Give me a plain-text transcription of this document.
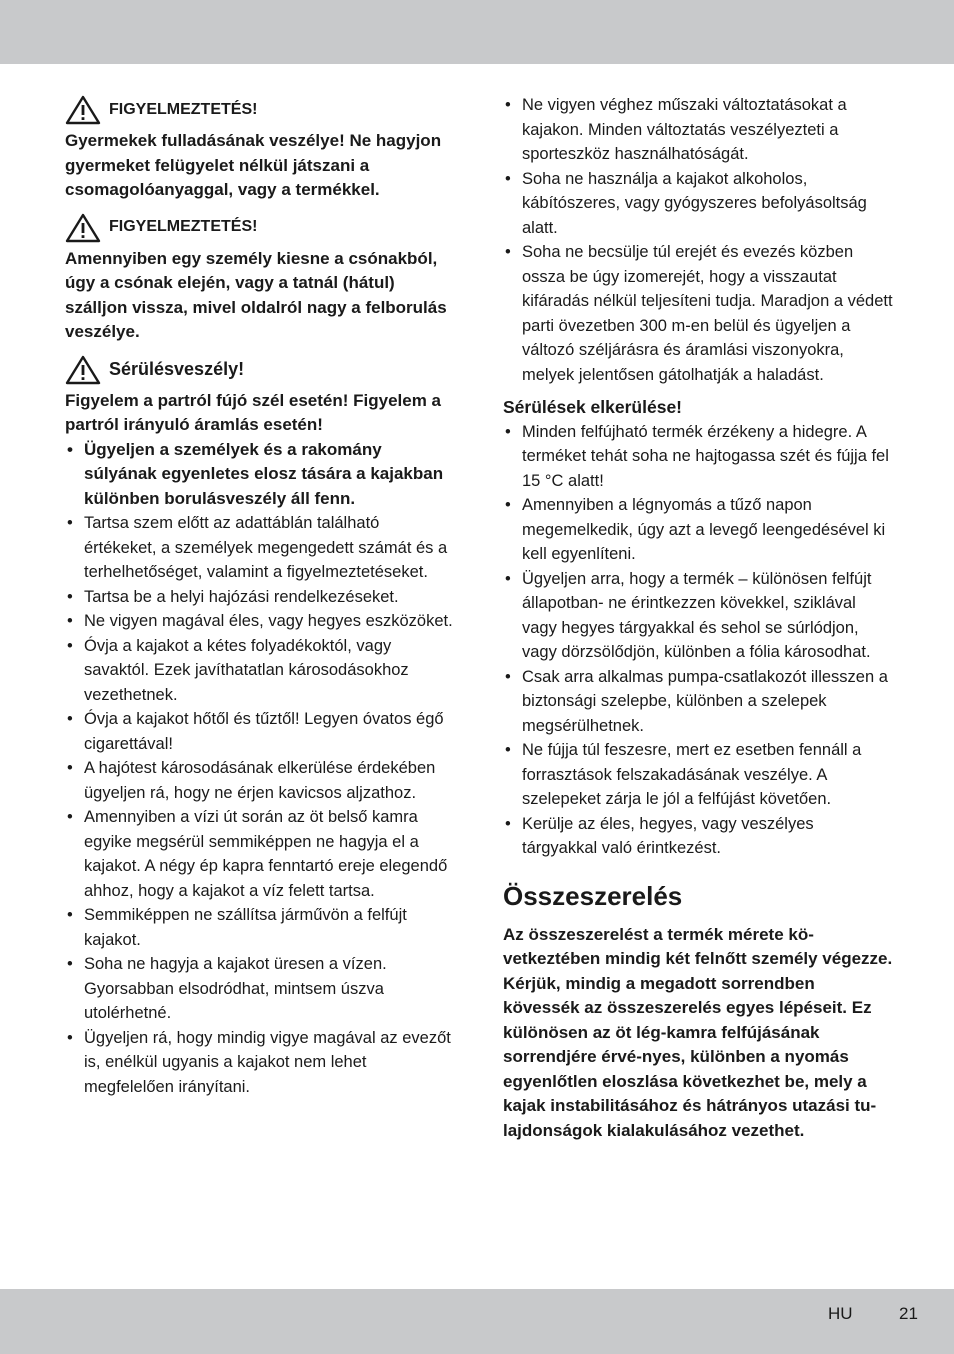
FIGYELMEZTETÉS!

Gyermekek fulladásának veszélye! Ne hagyjon gyermeket felügyelet nélkül játszani a csomagolóanyaggal, vagy a termékkel.

FIGYELMEZTETÉS!

Amennyiben egy személy kiesne a csónakból, úgy a csónak elején, vagy a tatnál (hátul) szálljon vissza, mivel oldalról nagy a felborulás veszélye.

Sérülésveszély!

Figyelem a partról fújó szél esetén! Figyelem a partról irányuló áramlás esetén!

• Ügyeljen a személyek és a rakomány súlyának egyenletes elosz tására a kajakban különben borulásveszély áll fenn.
• Tartsa szem előtt az adattáblán található értékeket, a személyek megengedett számát és a terhelhetőséget, valamint a figyelmeztetéseket.
• Tartsa be a helyi hajózási rendelkezéseket.
• Ne vigyen magával éles, vagy hegyes eszközöket.
• Óvja a kajakot a kétes folyadékoktól, vagy savaktól. Ezek javíthatatlan károsodásokhoz vezethetnek.
• Óvja a kajakot hőtől és tűztől! Legyen óvatos égő cigarettával!
• A hajótest károsodásának elkerülése érdekében ügyeljen rá, hogy ne érjen kavicsos aljzathoz.
• Amennyiben a vízi út során az öt belső kamra egyike megsérül semmiképpen ne hagyja el a kajakot. A négy ép kapra fenntartó ereje elegendő ahhoz, hogy a kajakot a víz felett tartsa.
• Semmiképpen ne szállítsa járművön a felfújt kajakot.
• Soha ne hagyja a kajakot üresen a vízen. Gyorsabban elsodródhat, mintsem úszva utolérhetné.
• Ügyeljen rá, hogy mindig vigye magával az evezőt is, enélkül ugyanis a kajakot nem lehet megfelelően irányítani.
• Ne vigyen véghez műszaki változtatásokat a kajakon. Minden változtatás veszélyezteti a sporteszköz használhatóságát.
• Soha ne használja a kajakot alkoholos, kábítószeres, vagy gyógyszeres befolyásoltság alatt.
• Soha ne becsülje túl erejét és evezés közben ossza be úgy izomerejét, hogy a visszautat kifáradás nélkül teljesíteni tudja. Maradjon a védett parti övezetben 300 m-en belül és ügyeljen a változó széljárásra és áramlási viszonyokra, melyek jelentősen gátolhatják a haladást.
Sérülések elkerülése!
• Minden felfújható termék érzékeny a hidegre. A terméket tehát soha ne hajtogassa szét és fújja fel 15 °C alatt!
• Amennyiben a légnyomás a tűző napon megemelkedik, úgy azt a levegő leengedésével ki kell egyenlíteni.
• Ügyeljen arra, hogy a termék – különösen felfújt állapotban- ne érintkezzen kövekkel, sziklával vagy hegyes tárgyakkal és sehol se súrlódjon, vagy dörzsölődjön, különben a fólia károsodhat.
• Csak arra alkalmas pumpa-csatlakozót illesszen a biztonsági szelepbe, különben a szelepek megsérülhetnek.
• Ne fújja túl feszesre, mert ez esetben fennáll a forrasztások felszakadásának veszélye. A szelepeket zárja le jól a felfújást követően.
• Kerülje az éles, hegyes, vagy veszélyes tárgyakkal való érintkezést.
Összeszerelés

Az összeszerelést a termék mérete kö-vetkeztében mindig két felnőtt személy végezze. Kérjük, mindig a megadott sorrendben kövessék az összeszerelés egyes lépéseit. Ez különösen az öt lég-kamra felfújásának sorrendjére érvé-nyes, különben a nyomás egyenlőtlen eloszlása következhet be, mely a kajak instabilitásához és hátrányos utazási tu-lajdonságok kialakulásához vezethet.

HU	21
